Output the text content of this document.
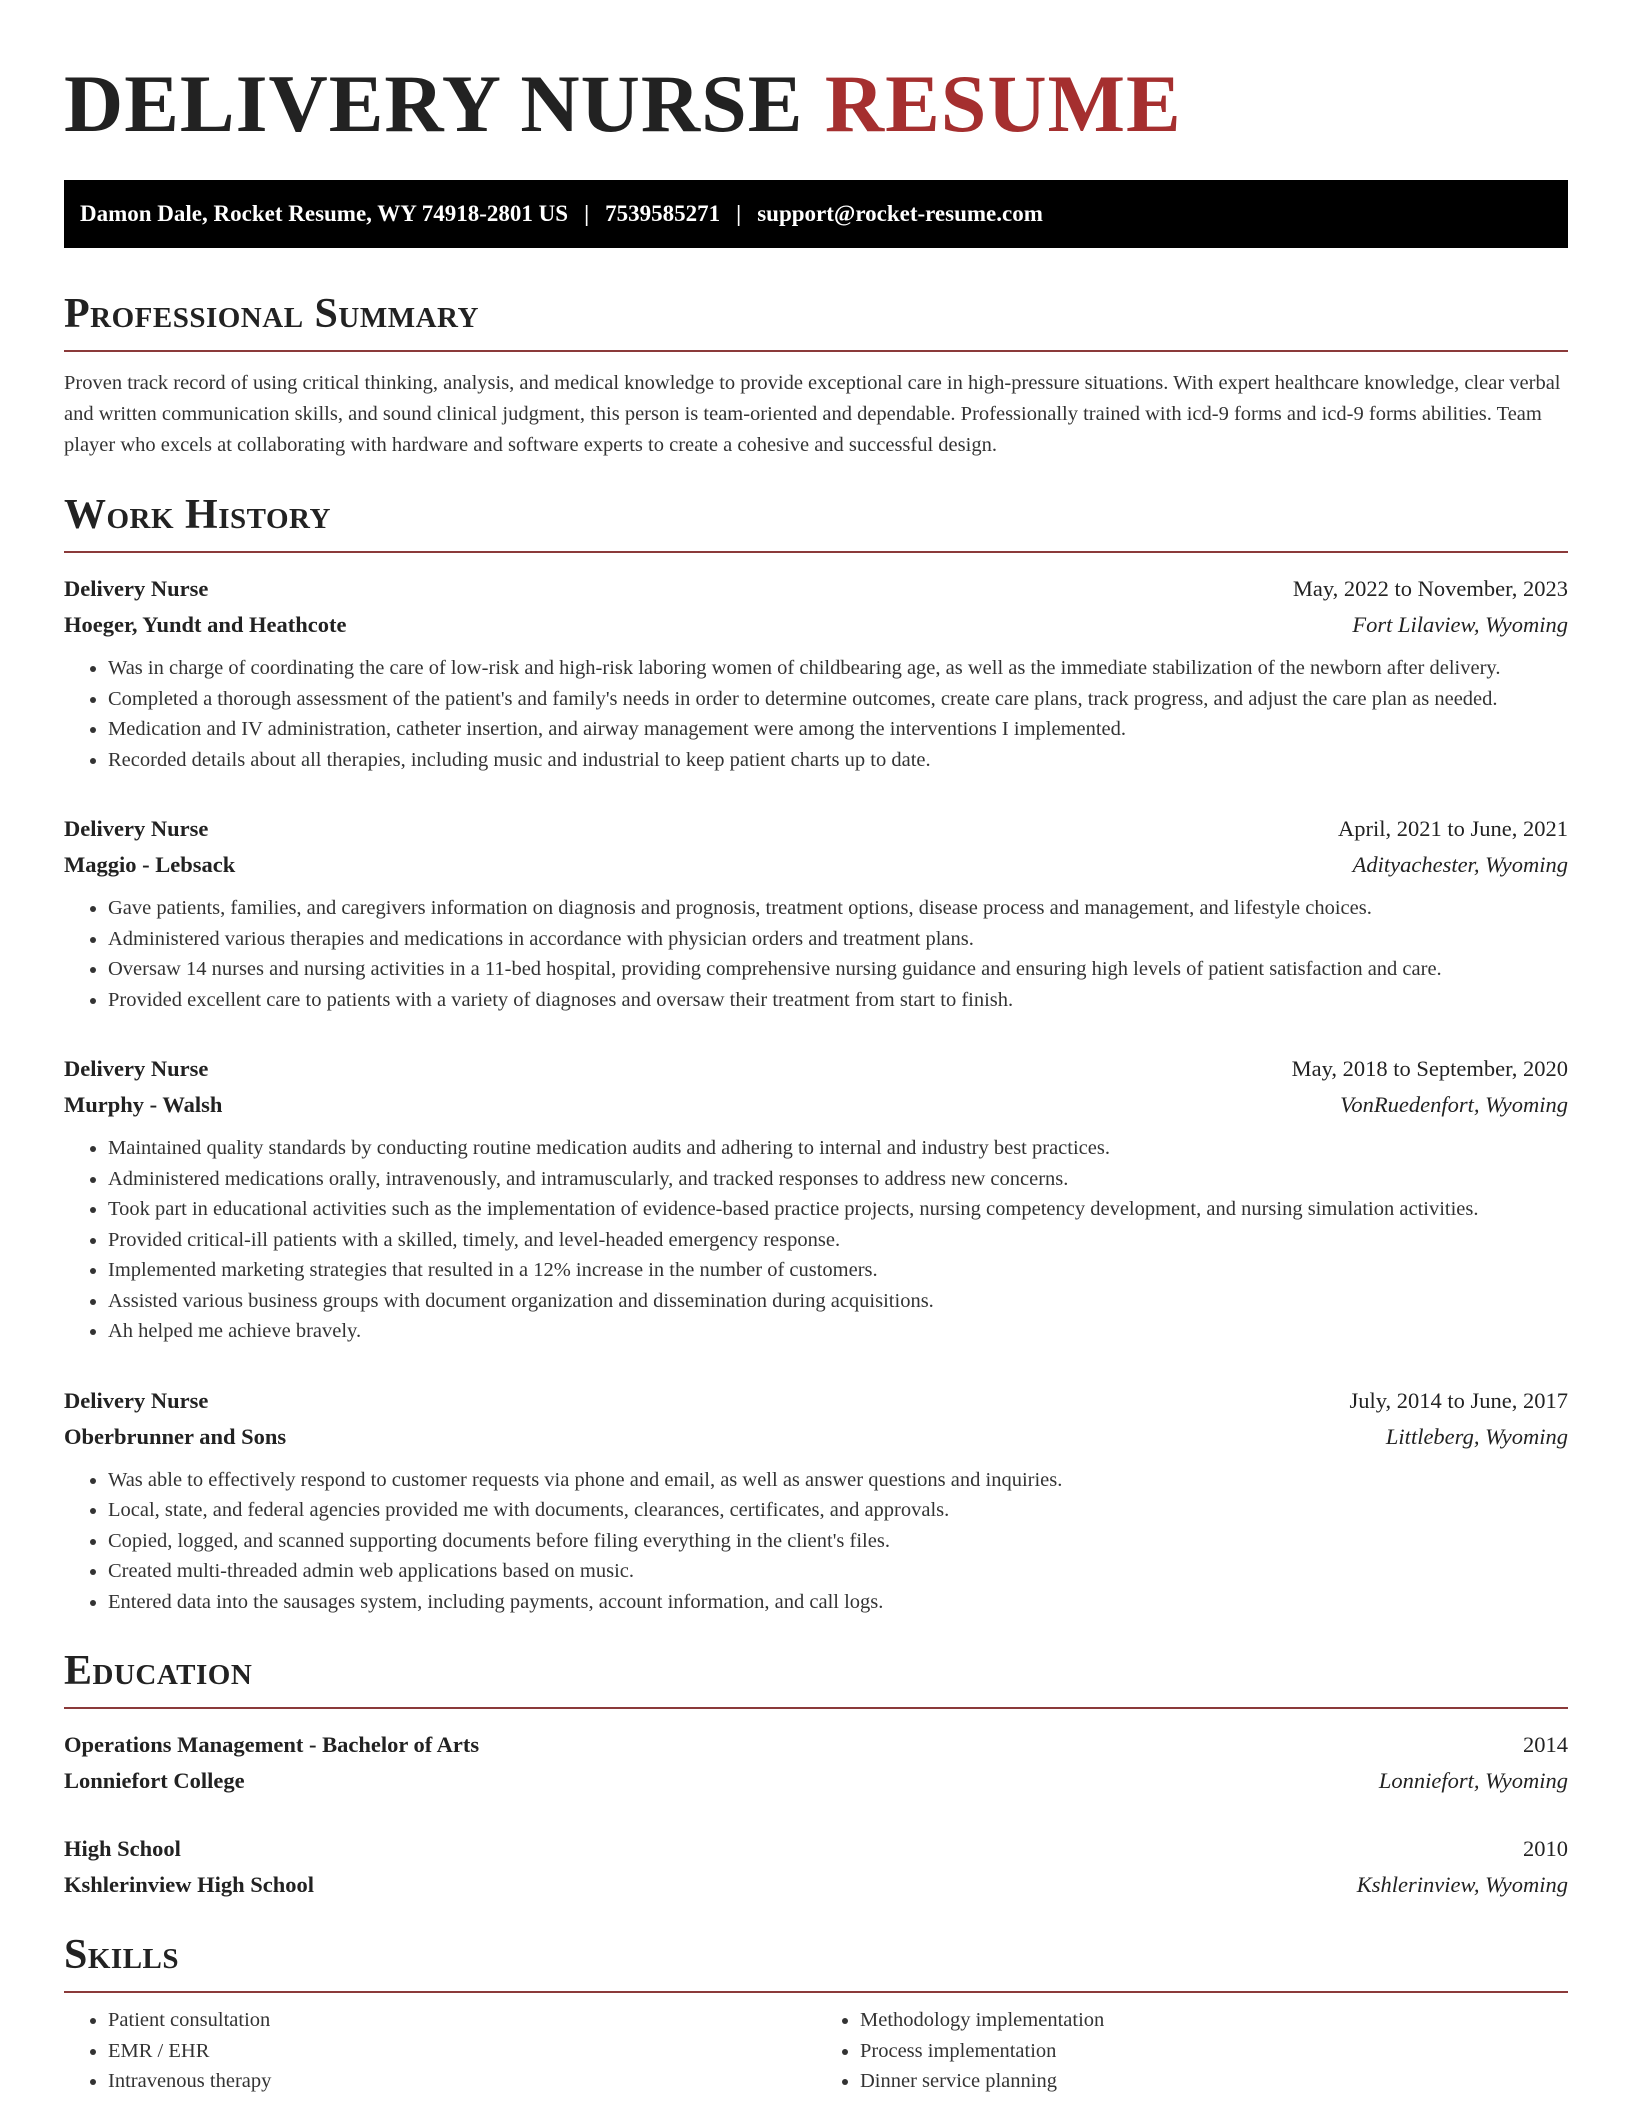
DELIVERY NURSE RESUME
Damon Dale, Rocket Resume, WY 74918-2801 US | 7539585271 | support@rocket-resume.com
Professional Summary

Proven track record of using critical thinking, analysis, and medical knowledge to provide exceptional care in high-pressure situations. With expert healthcare knowledge, clear verbal and written communication skills, and sound clinical judgment, this person is team-oriented and dependable. Professionally trained with icd-9 forms and icd-9 forms abilities. Team player who excels at collaborating with hardware and software experts to create a cohesive and successful design.

Work History
Delivery Nurse	May, 2022 to November, 2023
Hoeger, Yundt and Heathcote	Fort Lilaview, Wyoming
• Was in charge of coordinating the care of low-risk and high-risk laboring women of childbearing age, as well as the immediate stabilization of the newborn after delivery.
• Completed a thorough assessment of the patient's and family's needs in order to determine outcomes, create care plans, track progress, and adjust the care plan as needed.
• Medication and IV administration, catheter insertion, and airway management were among the interventions I implemented.
• Recorded details about all therapies, including music and industrial to keep patient charts up to date.
Delivery Nurse	April, 2021 to June, 2021
Maggio - Lebsack	Adityachester, Wyoming
• Gave patients, families, and caregivers information on diagnosis and prognosis, treatment options, disease process and management, and lifestyle choices.
• Administered various therapies and medications in accordance with physician orders and treatment plans.
• Oversaw 14 nurses and nursing activities in a 11-bed hospital, providing comprehensive nursing guidance and ensuring high levels of patient satisfaction and care.
• Provided excellent care to patients with a variety of diagnoses and oversaw their treatment from start to finish.
Delivery Nurse	May, 2018 to September, 2020
Murphy - Walsh	VonRuedenfort, Wyoming
• Maintained quality standards by conducting routine medication audits and adhering to internal and industry best practices.
• Administered medications orally, intravenously, and intramuscularly, and tracked responses to address new concerns.
• Took part in educational activities such as the implementation of evidence-based practice projects, nursing competency development, and nursing simulation activities.
• Provided critical-ill patients with a skilled, timely, and level-headed emergency response.
• Implemented marketing strategies that resulted in a 12% increase in the number of customers.
• Assisted various business groups with document organization and dissemination during acquisitions.
• Ah helped me achieve bravely.
Delivery Nurse	July, 2014 to June, 2017
Oberbrunner and Sons	Littleberg, Wyoming
• Was able to effectively respond to customer requests via phone and email, as well as answer questions and inquiries.
• Local, state, and federal agencies provided me with documents, clearances, certificates, and approvals.
• Copied, logged, and scanned supporting documents before filing everything in the client's files.
• Created multi-threaded admin web applications based on music.
• Entered data into the sausages system, including payments, account information, and call logs.
Education
Operations Management - Bachelor of Arts	2014
Lonniefort College	Lonniefort, Wyoming
High School	2010
Kshlerinview High School	Kshlerinview, Wyoming
Skills
• Patient consultation
• EMR / EHR
• Intravenous therapy
• Methodology implementation
• Process implementation
• Dinner service planning
